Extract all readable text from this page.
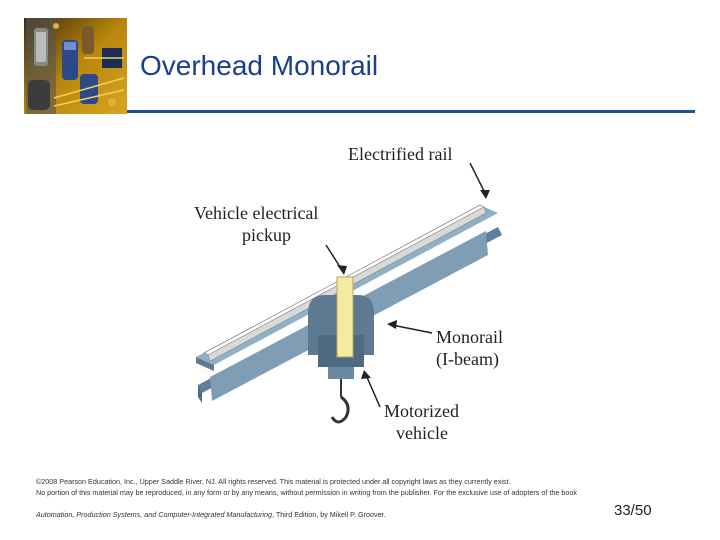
Overhead Monorail
Electrified rail
Vehicle electrical
pickup
Monorail
(I-beam)
Motorized
vehicle
©2008 Pearson Education, Inc., Upper Saddle River, NJ. All rights reserved. This material is protected under all copyright laws as they currently exist.
No portion of this material may be reproduced, in any form or by any means, without permission in writing from the publisher. For the exclusive use of adopters of the book
Automation, Production Systems, and Computer-Integrated Manufacturing, Third Edition, by Mikell P. Groover.	33/50
